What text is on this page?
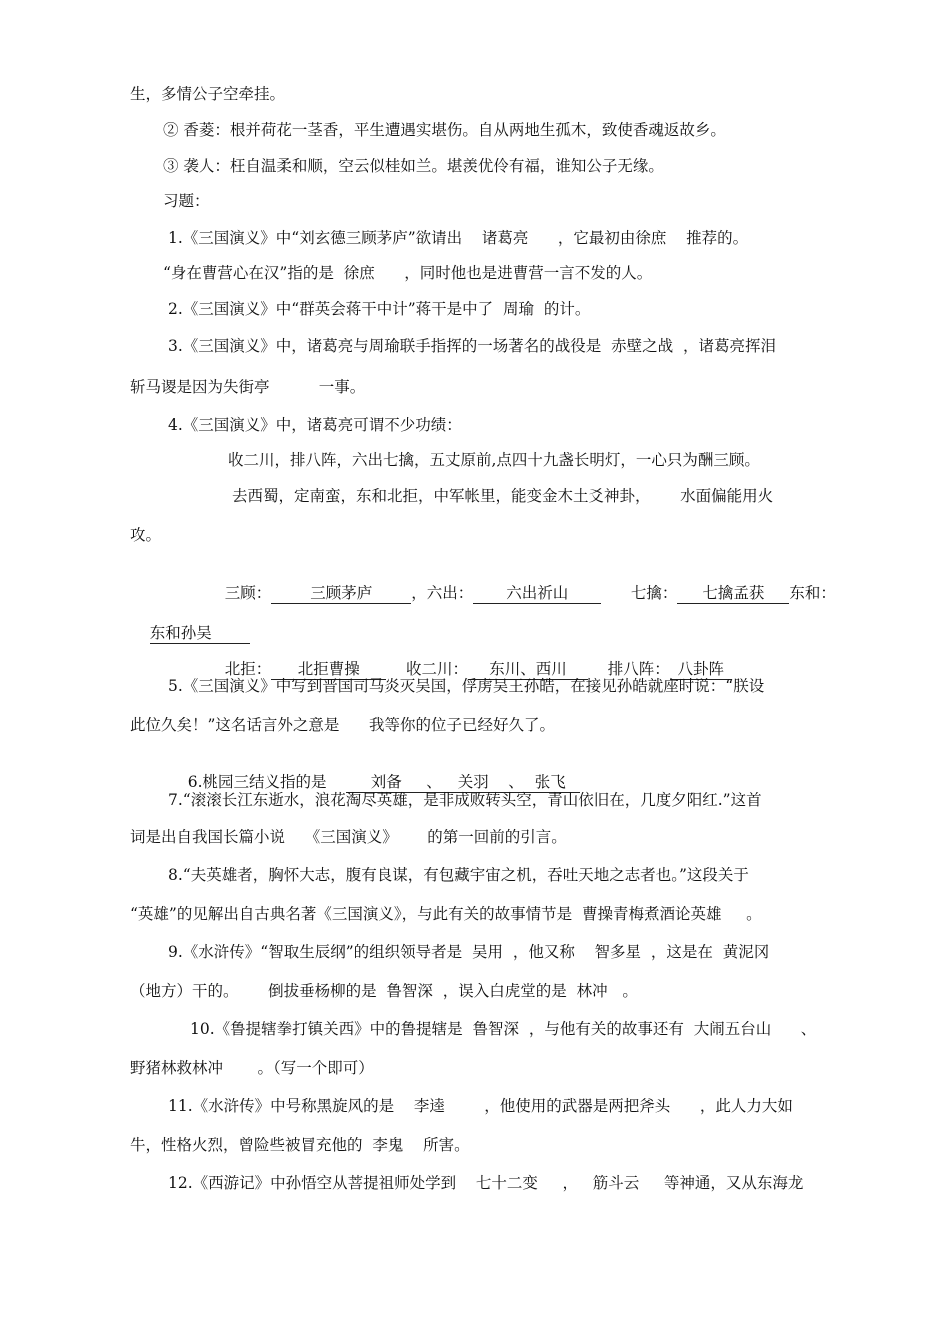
生，多情公子空牵挂。
② 香菱：根并荷花一茎香，平生遭遇实堪伤。自从两地生孤木，致使香魂返故乡。
③ 袭人：枉自温柔和顺，空云似桂如兰。堪羡优伶有福，谁知公子无缘。
习题：
1.《三国演义》中“刘玄德三顾茅庐”欲请出    诸葛亮      ，它最初由徐庶    推荐的。
“身在曹营心在汉”指的是  徐庶      ，同时他也是进曹营一言不发的人。
2.《三国演义》中“群英会蒋干中计”蒋干是中了  周瑜  的计。
3.《三国演义》中，诸葛亮与周瑜联手指挥的一场著名的战役是  赤壁之战  ，诸葛亮挥泪
斩马谡是因为失街亭          一事。
4.《三国演义》中，诸葛亮可谓不少功绩：
收二川，排八阵，六出七擒，五丈原前,点四十九盏长明灯，一心只为酬三顾。
去西蜀，定南蛮，东和北拒，中军帐里，能变金木土爻神卦，      水面偏能用火
攻。

三顾：	三顾茅庐	，六出： 六出祈山	七擒： 七擒孟获 东和：

东和孙吴

北拒： 北拒曹操	收二川： 东川、西川	排八阵： 八卦阵

5.《三国演义》中写到晋国司马炎灭吴国，俘虏吴王孙皓，在接见孙皓就座时说：“朕设
此位久矣！”这名话言外之意是      我等你的位子已经好久了。

6.桃园三结义指的是	刘备 、 关羽 、 张飞

7.“滚滚长江东逝水，浪花淘尽英雄，是非成败转头空，青山依旧在，几度夕阳红.”这首
词是出自我国长篇小说    《三国演义》      的第一回前的引言。
8.“夫英雄者，胸怀大志，腹有良谋，有包藏宇宙之机，吞吐天地之志者也。”这段关于
“英雄”的见解出自古典名著《三国演义》，与此有关的故事情节是  曹操青梅煮酒论英雄     。
9.《水浒传》“智取生辰纲”的组织领导者是  吴用  ，他又称    智多星  ，这是在  黄泥冈
（地方）干的。      倒拔垂杨柳的是  鲁智深  ，误入白虎堂的是  林冲   。
10.《鲁提辖拳打镇关西》中的鲁提辖是  鲁智深  ，与他有关的故事还有  大闹五台山      、
野猪林救林冲       。（写一个即可）
11.《水浒传》中号称黑旋风的是    李逵        ，他使用的武器是两把斧头      ，此人力大如
牛，性格火烈，曾险些被冒充他的  李鬼    所害。
12.《西游记》中孙悟空从菩提祖师处学到    七十二变     ，   筋斗云     等神通，又从东海龙
